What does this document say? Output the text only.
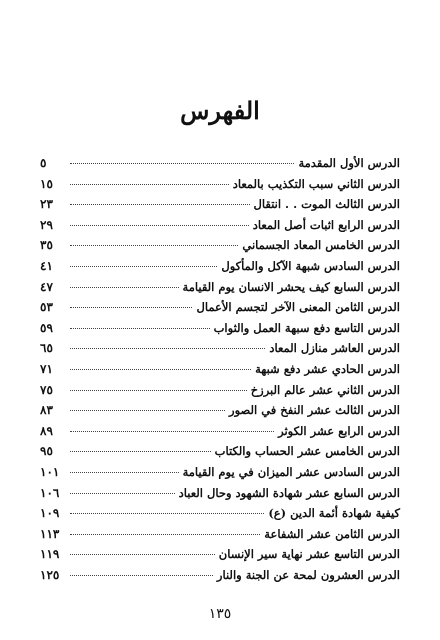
الفهرس
الدرس الأول المقدمة
٥
الدرس الثاني سبب التكذيب بالمعاد
١٥
الدرس الثالث الموت . . انتقال
٢٣
الدرس الرابع اثبات أصل المعاد
٢٩
الدرس الخامس المعاد الجسماني
٣٥
الدرس السادس شبهة الآكل والمأكول
٤١
الدرس السابع كيف يحشر الانسان يوم القيامة
٤٧
الدرس الثامن المعنى الآخر لتجسم الأعمال
٥٣
الدرس التاسع دفع سبهة العمل والثواب
٥٩
الدرس العاشر منازل المعاد
٦٥
الدرس الحادي عشر دفع شبهة
٧١
الدرس الثاني عشر عالم البرزخ
٧٥
الدرس الثالث عشر النفخ في الصور
٨٣
الدرس الرابع عشر الكوثر
٨٩
الدرس الخامس عشر الحساب والكتاب
٩٥
الدرس السادس عشر الميزان في يوم القيامة
١٠١
الدرس السابع عشر شهادة الشهود وحال العباد
١٠٦
كيفية شهادة أئمة الدين (ع)
١٠٩
الدرس الثامن عشر الشفاعة
١١٣
الدرس التاسع عشر نهاية سير الإنسان
١١٩
الدرس العشرون لمحة عن الجنة والنار
١٢٥
١٣٥
